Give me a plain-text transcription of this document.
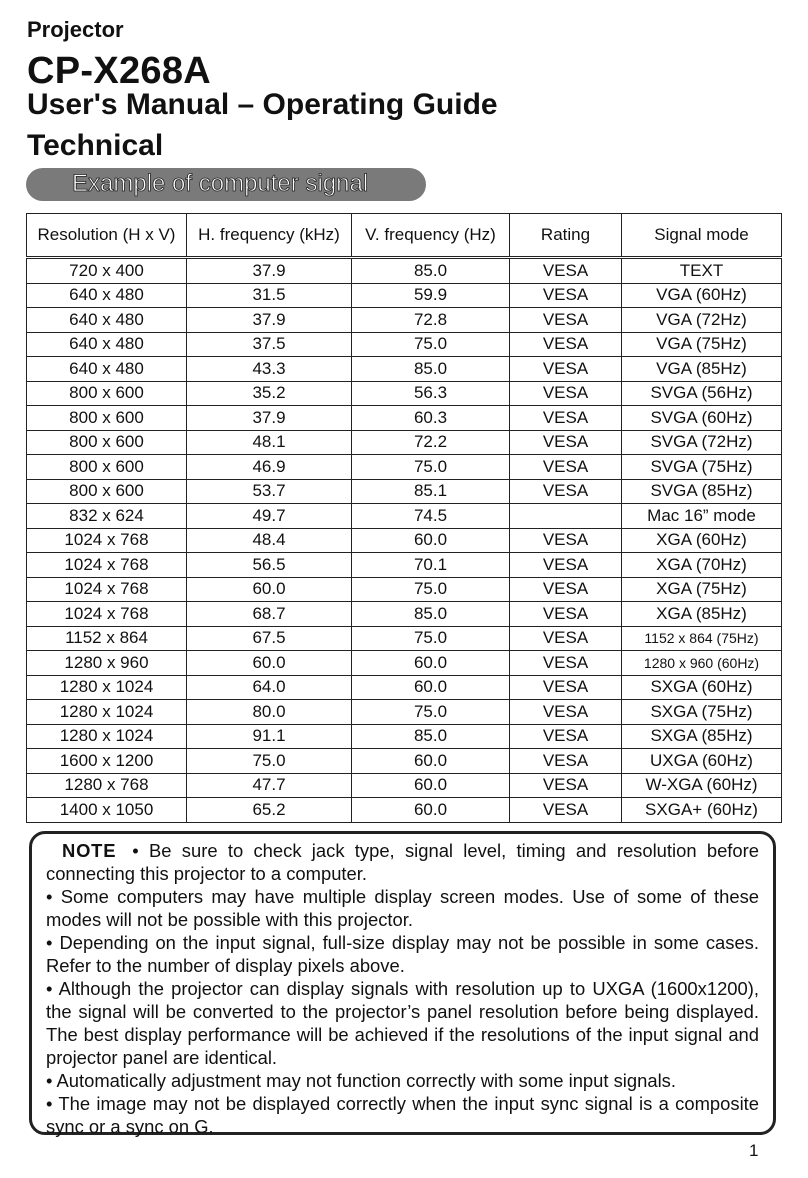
Projector
CP-X268A
User's Manual – Operating Guide
Technical
Example of computer signal
Resolution (H x V)	H. frequency (kHz)	V. frequency (Hz)	Rating	Signal mode
720 x 400	37.9	85.0	VESA	TEXT
640 x 480	31.5	59.9	VESA	VGA (60Hz)
640 x 480	37.9	72.8	VESA	VGA (72Hz)
640 x 480	37.5	75.0	VESA	VGA (75Hz)
640 x 480	43.3	85.0	VESA	VGA (85Hz)
800 x 600	35.2	56.3	VESA	SVGA (56Hz)
800 x 600	37.9	60.3	VESA	SVGA (60Hz)
800 x 600	48.1	72.2	VESA	SVGA (72Hz)
800 x 600	46.9	75.0	VESA	SVGA (75Hz)
800 x 600	53.7	85.1	VESA	SVGA (85Hz)
832 x 624	49.7	74.5		Mac 16” mode
1024 x 768	48.4	60.0	VESA	XGA (60Hz)
1024 x 768	56.5	70.1	VESA	XGA (70Hz)
1024 x 768	60.0	75.0	VESA	XGA (75Hz)
1024 x 768	68.7	85.0	VESA	XGA (85Hz)
1152 x 864	67.5	75.0	VESA	1152 x 864 (75Hz)
1280 x 960	60.0	60.0	VESA	1280 x 960 (60Hz)
1280 x 1024	64.0	60.0	VESA	SXGA (60Hz)
1280 x 1024	80.0	75.0	VESA	SXGA (75Hz)
1280 x 1024	91.1	85.0	VESA	SXGA (85Hz)
1600 x 1200	75.0	60.0	VESA	UXGA (60Hz)
1280 x 768	47.7	60.0	VESA	W-XGA (60Hz)
1400 x 1050	65.2	60.0	VESA	SXGA+ (60Hz)

NOTE • Be sure to check jack type, signal level, timing and resolution before connecting this projector to a computer.

• Some computers may have multiple display screen modes. Use of some of these modes will not be possible with this projector.

• Depending on the input signal, full-size display may not be possible in some cases. Refer to the number of display pixels above.

• Although the projector can display signals with resolution up to UXGA (1600x1200), the signal will be converted to the projector’s panel resolution before being displayed. The best display performance will be achieved if the resolutions of the input signal and projector panel are identical.

• Automatically adjustment may not function correctly with some input signals.

• The image may not be displayed correctly when the input sync signal is a composite sync or a sync on G.

1
